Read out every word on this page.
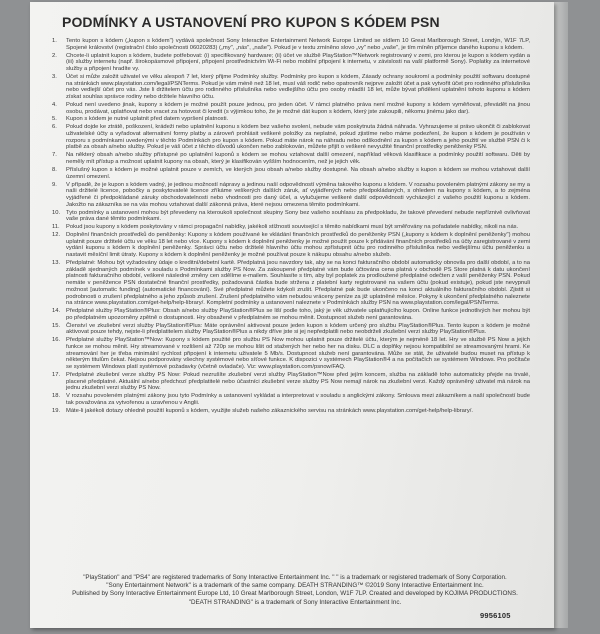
PODMÍNKY A USTANOVENÍ PRO KUPON S KÓDEM PSN
1.	Tento kupon s kódem („kupon s kódem") vydává společnost Sony Interactive Entertainment Network Europe Limited se sídlem 10 Great Marlborough Street, Londýn, W1F 7LP, Spojené království (registrační číslo společnosti 06020283) („my", „nás", „naše"). Pokud je v textu zmíněno slovo „vy" nebo „vaše", je tím míněn příjemce daného kuponu s kódem.
2.	Chcete-li uplatnit kupon s kódem, budete potřebovat: (i) specifikovaný hardware; (ii) účet ve službě PlayStation™Network registrovaný v zemi, pro kterou je kupon s kódem vydán a (iii) služby internetu (např. širokopásmové připojení, připojení prostřednictvím Wi-Fi nebo mobilní připojení k internetu, v závislosti na vaší platformě Sony). Poplatky za internetové služby a připojení hradíte vy.
3.	Účet si může založit uživatel ve věku alespoň 7 let, který přijme Podmínky služby. Podmínky pro kupon s kódem, Zásady ochrany soukromí a podmínky použití softwaru dostupné na stránkách www.playstation.com/legal/PSNTerms. Pokud je vám méně než 18 let, musí váš rodič nebo opatrovník nejprve založit účet a pak vytvořit účet pro rodinného příslušníka nebo vedlejší účet pro vás. Jste li držitelem účtu pro rodinného příslušníka nebo vedlejšího účtu pro osoby mladší 18 let, může bývat přidělení uplatnění tohoto kuponu s kódem získat souhlas správce rodiny nebo držitele hlavního účtu.
4.	Pokud není uvedeno jinak, kupony s kódem je možné použít pouze jednou, pro jeden účet. V rámci platného práva není možné kupony s kódem vyměňovat, převádět na jinou osobu, prodávat, uplatňovat nebo vracet za hotovost či kredit (s výjimkou toho, že je možné dát kupon s kódem, který jste zakoupili, někomu jinému jako dar).
5.	Kupon s kódem je nutné uplatnit před datem vypršení platnosti.
6.	Pokud dojde ke ztrátě, poškození, krádeži nebo uplatnění kuponu s kódem bez vašeho svolení, nebude vám poskytnuta žádná náhrada. Vyhrazujeme si právo ukončit či zablokovat uživatelské účty a vyřadovat alternativní formy platby a zároveň prohlásit veškeré položky za neplatné, pokud zjistíme nebo máme podezření, že kupon s kódem je používán v rozporu s podmínkami uvedenými v těchto Podmínkách pro kupon s kódem. Pokud máte nárok na náhradu nebo odškodnění za kupon s kódem a jeho použití ve službě PSN či k platbě za obsah a/nebo služby. Pokud je váš účet z těchto důvodů ukončen nebo zablokován, můžete přijít o veškeré nevyužité finanční prostředky peněženky PSN.
7.	Na některý obsah a/nebo služby přístupné po uplatnění kuponů s kódem se mohou vztahovat další omezení, například věková klasifikace a podmínky použití softwaru. Děti by neměly mít přístup a možnost uplatnit kupony na obsah, který je klasifikován vyšším hodnocením, než je jejich věk.
8.	Příslušný kupon s kódem je možné uplatnit pouze v zemích, ve kterých jsou obsah a/nebo služby dostupné. Na obsah a/nebo služby s kupon s kódem se mohou vztahovat další územní omezení.
9.	V případě, že je kupon s kódem vadný, je jedinou možností nápravy a jedinou naší odpovědností výměna takového kuponu s kódem. V rozsahu povoleném platnými zákony se my a naši držitelé licence, pobočky a poskytovatelé licence zříkáme veškerých dalších záruk, ať vyjádřených nebo předpokládaných, s ohledem na kupony s kódem, a to zejména vyjádřené či předpokládané záruky obchodovatelnosti nebo vhodnosti pro daný účel, a vylučujeme veškeré další odpovědnosti vycházející z vašeho použití kuponu s kódem. Jakožto na zákazníka se na vás mohou vztahovat další zákonná práva, které nejsou omezena těmito podmínkami.
10.	Tyto podmínky a ustanovení mohou být převedeny na kteroukoli společnost skupiny Sony bez vašeho souhlasu za předpokladu, že takové převedení nebude nepříznivě ovlivňovat vaše práva dané těmito podmínkami.
11.	Pokud jsou kupony s kódem poskytovány v rámci propagační nabídky, jakékoli stížnosti související s těmito nabídkami musí být směřovány na pořadatele nabídky, nikoli na nás.
12.	Doplnění finančních prostředků do peněženky: Kupony s kódem používané ke vkládání finančních prostředků do peněženky PSN („kupony s kódem k doplnění peněženky") mohou uplatnit pouze držitelé účtu ve věku 18 let nebo více. Kupony s kódem k doplnění peněženky je možné použít pouze k přidávání finančních prostředků na účty zaregistrované v zemi vydání kuponu s kódem k doplnění peněženky. Správci účtu nebo držitelé hlavního účtu mohou zpřístupnit účtu pro rodinného příslušníka nebo vedlejšímu účtu peněženku a nastavit měsíční limit útraty. Kupony s kódem k doplnění peněženky je možné používat pouze k nákupu obsahu a/nebo služeb.
13.	Předplatné: Mohou být vyžadovány údaje o kreditní/debetní kartě. Předplatná jsou navzdory tak, aby se na konci fakturačního období automaticky obnovila pro další období, a to na základě sjednaných podmínek v souladu s Podmínkami služby PS Now. Za zakoupené předplatné vám bude účtována cena platná v obchodě PS Store platná k datu ukončení platnosti fakturačního období, veškeré následné změny cen sdělíme e-mailem. Souhlasíte s tím, aby byl poplatek za prodloužené předplatné odečten z vaší peněženky PSN. Pokud nemáte v peněžence PSN dostatečné finanční prostředky, požadovaná částka bude stržena z platební karty registrované na vašem účtu (pokud existuje), pokud jste nevypnuli možnost [automatic funding] (automatické financování). Své předplatné můžete kdykoli zrušit. Předplatné pak bude ukončeno na konci aktuálního fakturačního období. Zjistit si podrobnosti o zrušení předplatného a jeho způsob zrušení. Zrušení předplatného vám nebudou vráceny peníze za již uplatněné měsíce. Pokyny k ukončení předplatného naleznete na stránce www.playstation.com/get-help/help-library/. Kompletní podmínky a ustanovení naleznete v Podmínkách služby PSN na www.playstation.com/legal/PSNTerms.
14.	Předplatné služby PlayStation®Plus: Obsah a/nebo služby PlayStation®Plus se liší podle toho, jaký je věk uživatele uplatňujícího kupon. Online funkce jednotlivých her mohou být po předplatném upozorněny zpětně o dostupnosti. Hry obsažené v předplatném se mohou měnit. Dostupnost služeb není garantována.
15.	Členství ve zkušební verzi služby PlayStation®Plus: Máte oprávnění aktivovat pouze jeden kupon s kódem určený pro službu PlayStation®Plus. Tento kupon s kódem je možné aktivovat pouze tehdy, nejste-li předplatitelem služby PlayStation®Plus a nikdy dříve jste si jej nepředplatili nebo neobdrželi zkušební verzi služby PlayStation®Plus.
16.	Předplatné služby PlayStation™Now: Kupony s kódem použité pro službu PS Now mohou uplatnit pouze držitelé účtu, kterým je nejméně 18 let. Hry ve službě PS Now a jejich funkce se mohou měnit. Hry streamované v rozlišení až 720p se mohou lišit od stažených her nebo her na disku. DLC a doplňky nejsou kompatibilní se streamovanými hrami. Ke streamování her je třeba minimální rychlost připojení k internetu uživatele 5 Mb/s. Dostupnost služeb není garantována. Může se stát, že uživatelé budou muset na přístup k některým titulům čekat. Nejsou podporovány všechny systémové nebo síťové funkce. K dispozici v systémech PlayStation®4 a na počítačích se systémem Windows. Pro počítače se systémem Windows platí systémové požadavky (včetně ovladače). Viz: www.playstation.com/psnow/FAQ.
17.	Předplatné zkušební verze služby PS Now: Pokud nezrušíte zkušební verzi služby PlayStation™Now před jejím koncem, služba na základě toho automaticky přejde na trvalé, placené předplatné. Aktuální a/nebo předchozí předplatitelé nebo účastníci zkušební verze služby PS Now nemají nárok na zkušební verzi. Každý oprávněný uživatel má nárok na jednu zkušební verzi služby PS Now.
18.	V rozsahu povoleném platnými zákony jsou tyto Podmínky a ustanovení vykládat a interpretovat v souladu s anglickými zákony. Smlouva mezi zákazníkem a naší společností bude tak považována za vytvořenou a uzavřenou v Anglii.
19.	Máte-li jakékoli dotazy ohledně použití kuponů s kódem, využijte služeb našeho zákaznického servisu na stránkách www.playstation.com/get-help/help-library/.
"PlayStation" and "PS4" are registered trademarks of Sony Interactive Entertainment Inc. " " is a trademark or registered trademark of Sony Corporation.
"Sony Entertainment Network" is a trademark of the same company. DEATH STRANDING™ ©2019 Sony Interactive Entertainment Inc.
Published by Sony Interactive Entertainment Europe Ltd, 10 Great Marlborough Street, London, W1F 7LP. Created and developed by KOJIMA PRODUCTIONS.
"DEATH STRANDING" is a trademark of Sony Interactive Entertainment Inc.
9956105
